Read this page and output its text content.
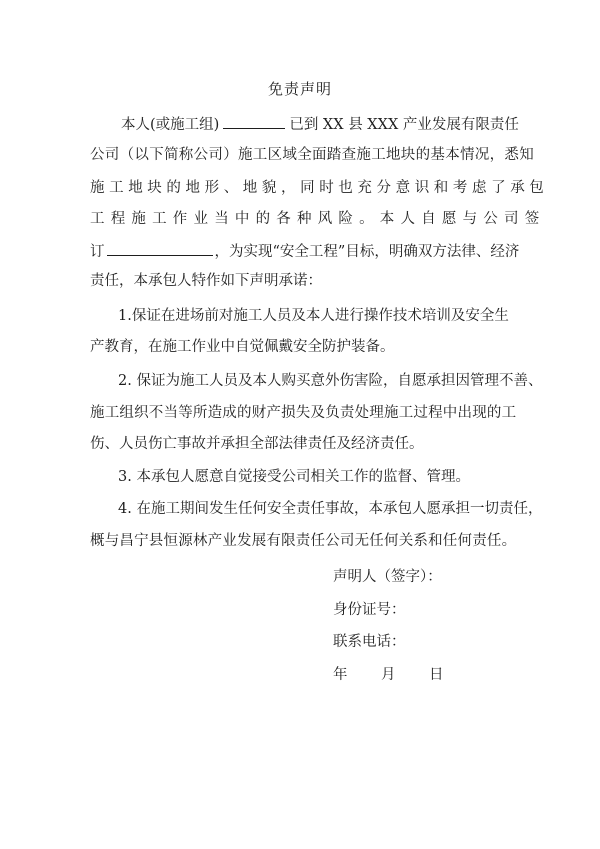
免责声明
本人(或施工组)	已到 XX 县 XXX 产业发展有限责任
公司（以下简称公司）施工区域全面踏查施工地块的基本情况，悉知
施工地块的地形、地貌，同时也充分意识和考虑了承包
工程施工作业当中的各种风险。本人自愿与公司签
订	，为实现“安全工程”目标，明确双方法律、经济
责任，本承包人特作如下声明承诺：
1.保证在进场前对施工人员及本人进行操作技术培训及安全生
产教育，在施工作业中自觉佩戴安全防护装备。
2. 保证为施工人员及本人购买意外伤害险，自愿承担因管理不善、
施工组织不当等所造成的财产损失及负责处理施工过程中出现的工
伤、人员伤亡事故并承担全部法律责任及经济责任。
3. 本承包人愿意自觉接受公司相关工作的监督、管理。
4. 在施工期间发生任何安全责任事故，本承包人愿承担一切责任，
概与昌宁县恒源林产业发展有限责任公司无任何关系和任何责任。
声明人（签字）：
身份证号：
联系电话：
年 月 日
